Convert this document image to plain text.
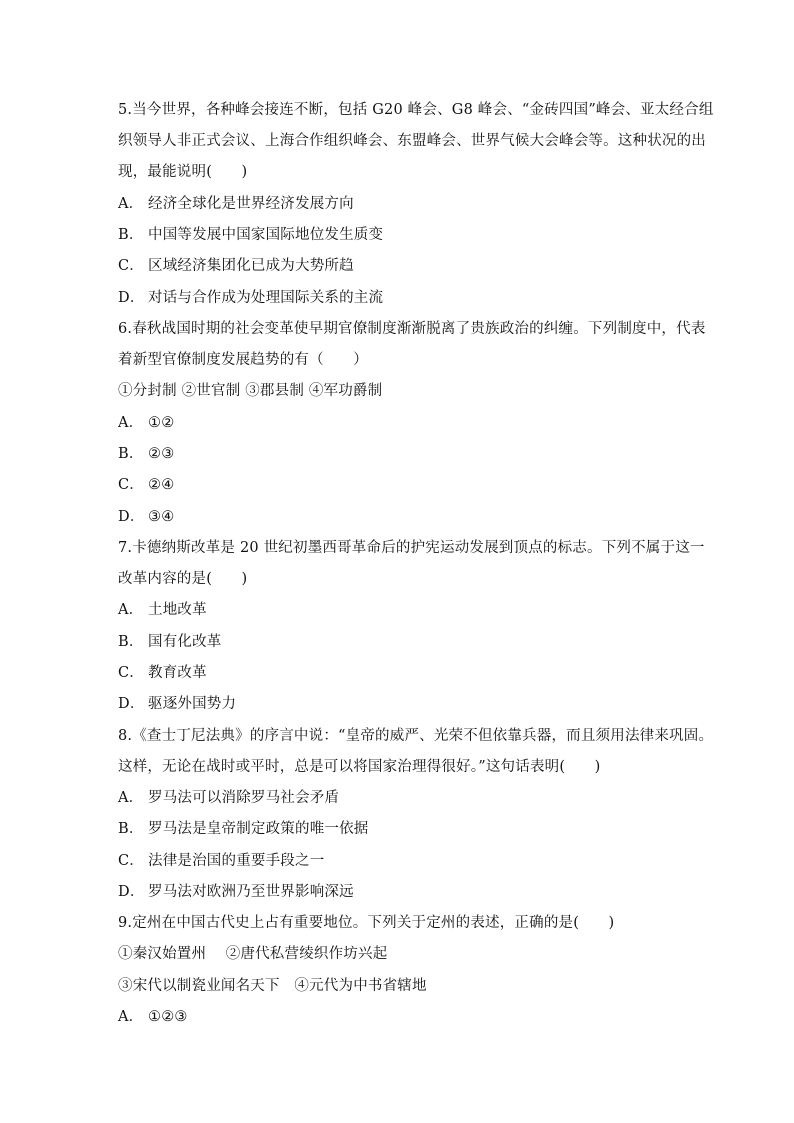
5.当今世界，各种峰会接连不断，包括 G20 峰会、G8 峰会、“金砖四国”峰会、亚太经合组
织领导人非正式会议、上海合作组织峰会、东盟峰会、世界气候大会峰会等。这种状况的出
现，最能说明(　　)
A． 经济全球化是世界经济发展方向
B． 中国等发展中国家国际地位发生质变
C． 区域经济集团化已成为大势所趋
D． 对话与合作成为处理国际关系的主流
6.春秋战国时期的社会变革使早期官僚制度渐渐脱离了贵族政治的纠缠。下列制度中，代表
着新型官僚制度发展趋势的有（　　）
①分封制 ②世官制 ③郡县制 ④军功爵制
A． ①②
B． ②③
C． ②④
D． ③④
7.卡德纳斯改革是 20 世纪初墨西哥革命后的护宪运动发展到顶点的标志。下列不属于这一
改革内容的是(　　)
A． 土地改革
B． 国有化改革
C． 教育改革
D． 驱逐外国势力
8.《查士丁尼法典》的序言中说：“皇帝的威严、光荣不但依靠兵器，而且须用法律来巩固。
这样，无论在战时或平时，总是可以将国家治理得很好。”这句话表明(　　)
A． 罗马法可以消除罗马社会矛盾
B． 罗马法是皇帝制定政策的唯一依据
C． 法律是治国的重要手段之一
D． 罗马法对欧洲乃至世界影响深远
9.定州在中国古代史上占有重要地位。下列关于定州的表述，正确的是(　　)
①秦汉始置州　 ②唐代私营绫织作坊兴起
③宋代以制瓷业闻名天下　④元代为中书省辖地
A． ①②③
